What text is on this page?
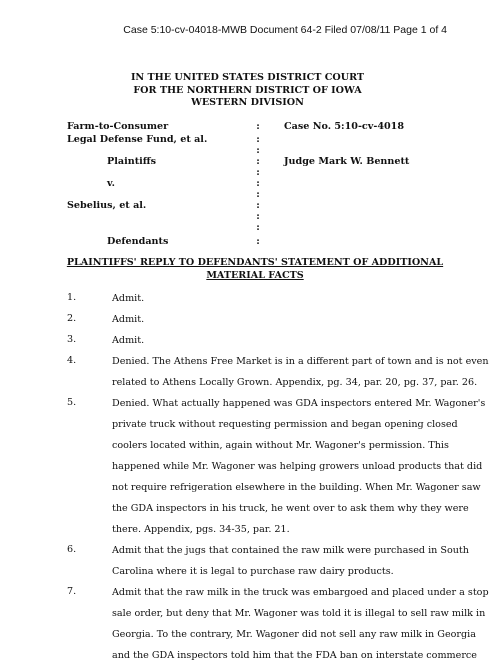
Case 5:10-cv-04018-MWB Document 64-2 Filed 07/08/11 Page 1 of 4
IN THE UNITED STATES DISTRICT COURT
FOR THE NORTHERN DISTRICT OF IOWA
WESTERN DIVISION
Farm-to-Consumer
Legal Defense Fund, et al.
Plaintiffs
v.
Sebelius, et al.
Defendants
Case No. 5:10-cv-4018
Judge Mark W. Bennett
:
:
:
:
:
:
:
:
:
:
:
PLAINTIFFS' REPLY TO DEFENDANTS' STATEMENT OF ADDITIONAL
MATERIAL FACTS
1.	Admit.
2.	Admit.
3.	Admit.
4.	Denied. The Athens Free Market is in a different part of town and is not even
related to Athens Locally Grown. Appendix, pg. 34, par. 20, pg. 37, par. 26.
5.	Denied. What actually happened was GDA inspectors entered Mr. Wagoner's
private truck without requesting permission and began opening closed
coolers located within, again without Mr. Wagoner's permission. This
happened while Mr. Wagoner was helping growers unload products that did
not require refrigeration elsewhere in the building. When Mr. Wagoner saw
the GDA inspectors in his truck, he went over to ask them why they were
there. Appendix, pgs. 34-35, par. 21.
6.	Admit that the jugs that contained the raw milk were purchased in South
Carolina where it is legal to purchase raw dairy products.
7.	Admit that the raw milk in the truck was embargoed and placed under a stop
sale order, but deny that Mr. Wagoner was told it is illegal to sell raw milk in
Georgia. To the contrary, Mr. Wagoner did not sell any raw milk in Georgia
and the GDA inspectors told him that the FDA ban on interstate commerce
